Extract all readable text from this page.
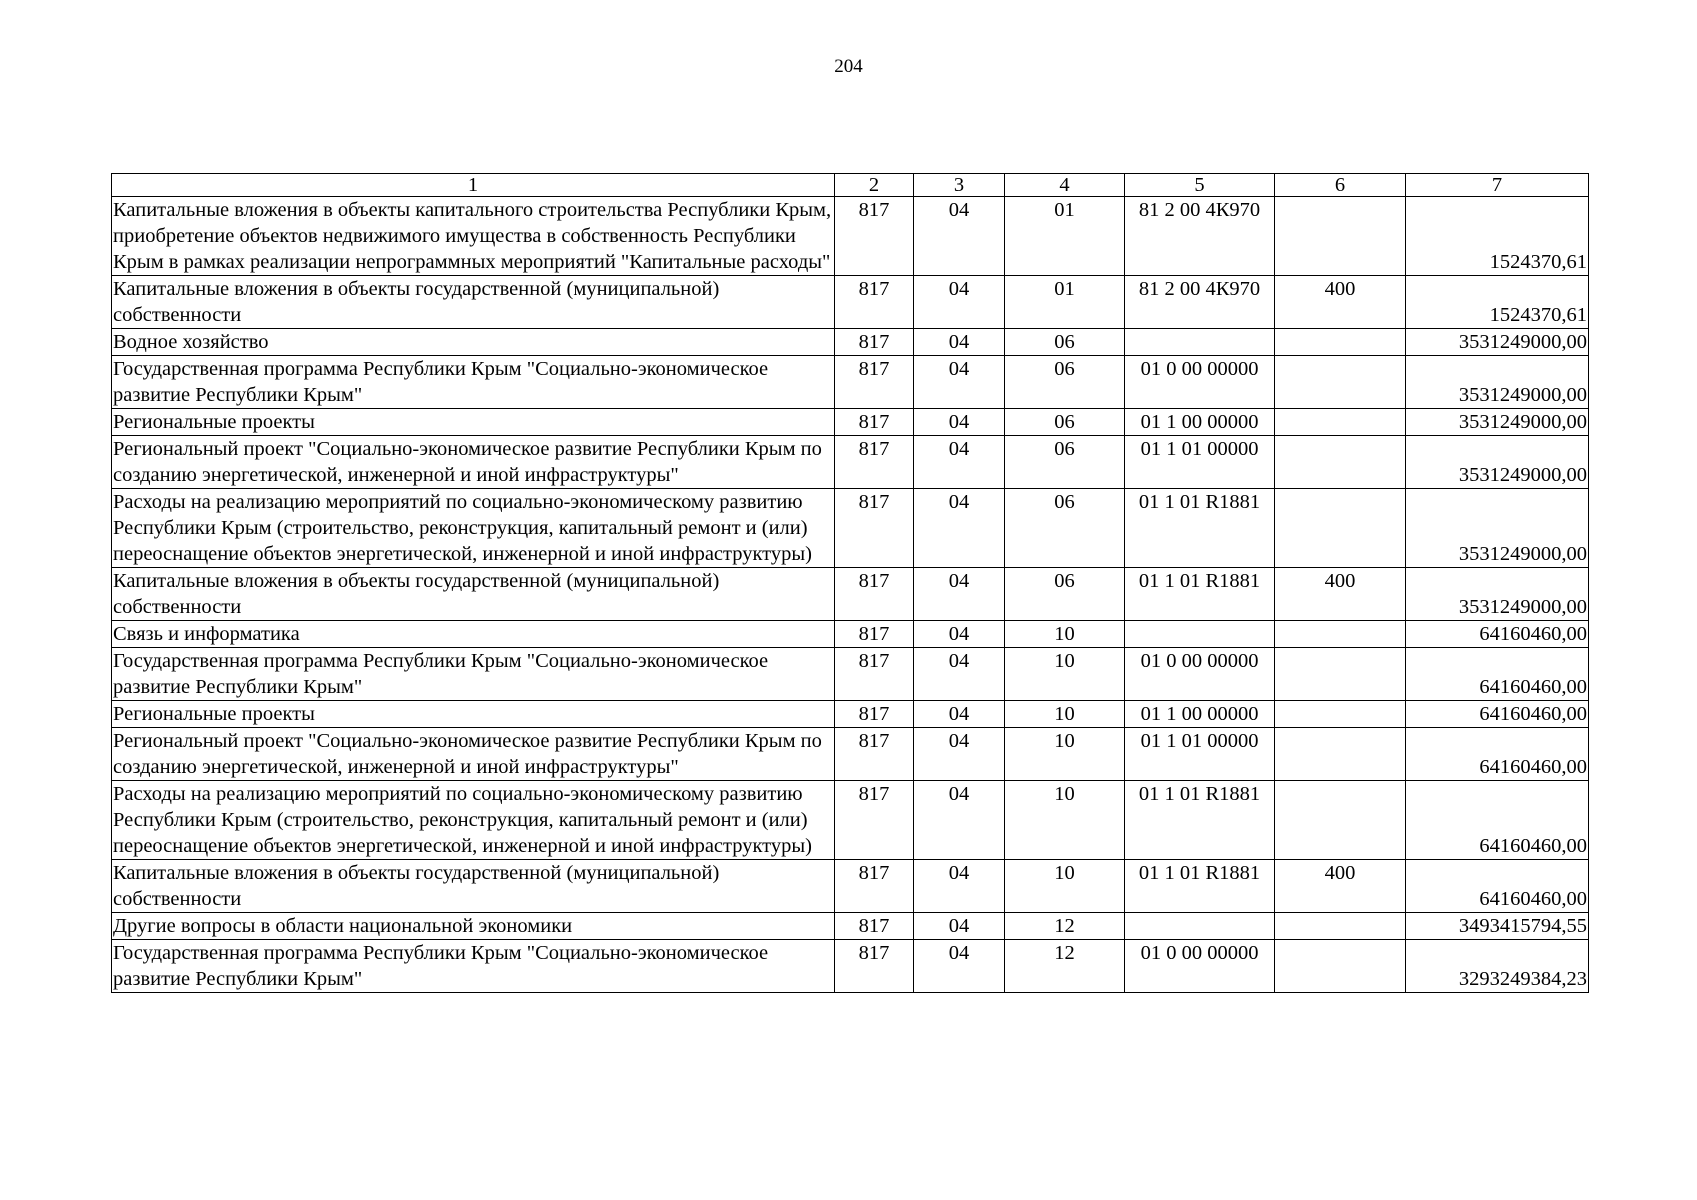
204
1	2	3	4	5	6	7
Капитальные вложения в объекты капитального строительства Республики Крым, приобретение объектов недвижимого имущества в собственность Республики Крым в рамках реализации непрограммных мероприятий "Капитальные расходы"	817	04	01	81 2 00 4К970		1524370,61
Капитальные вложения в объекты государственной (муниципальной) собственности	817	04	01	81 2 00 4К970	400	1524370,61
Водное хозяйство	817	04	06			3531249000,00
Государственная программа Республики Крым "Социально-экономическое развитие Республики Крым"	817	04	06	01 0 00 00000		3531249000,00
Региональные проекты	817	04	06	01 1 00 00000		3531249000,00
Региональный проект "Социально-экономическое развитие Республики Крым по созданию энергетической, инженерной и иной инфраструктуры"	817	04	06	01 1 01 00000		3531249000,00
Расходы на реализацию мероприятий по социально-экономическому развитию Республики Крым (строительство, реконструкция, капитальный ремонт и (или) переоснащение объектов энергетической, инженерной и иной инфраструктуры)	817	04	06	01 1 01 R1881		3531249000,00
Капитальные вложения в объекты государственной (муниципальной) собственности	817	04	06	01 1 01 R1881	400	3531249000,00
Связь и информатика	817	04	10			64160460,00
Государственная программа Республики Крым "Социально-экономическое развитие Республики Крым"	817	04	10	01 0 00 00000		64160460,00
Региональные проекты	817	04	10	01 1 00 00000		64160460,00
Региональный проект "Социально-экономическое развитие Республики Крым по созданию энергетической, инженерной и иной инфраструктуры"	817	04	10	01 1 01 00000		64160460,00
Расходы на реализацию мероприятий по социально-экономическому развитию Республики Крым (строительство, реконструкция, капитальный ремонт и (или) переоснащение объектов энергетической, инженерной и иной инфраструктуры)	817	04	10	01 1 01 R1881		64160460,00
Капитальные вложения в объекты государственной (муниципальной) собственности	817	04	10	01 1 01 R1881	400	64160460,00
Другие вопросы в области национальной экономики	817	04	12			3493415794,55
Государственная программа Республики Крым "Социально-экономическое развитие Республики Крым"	817	04	12	01 0 00 00000		3293249384,23
